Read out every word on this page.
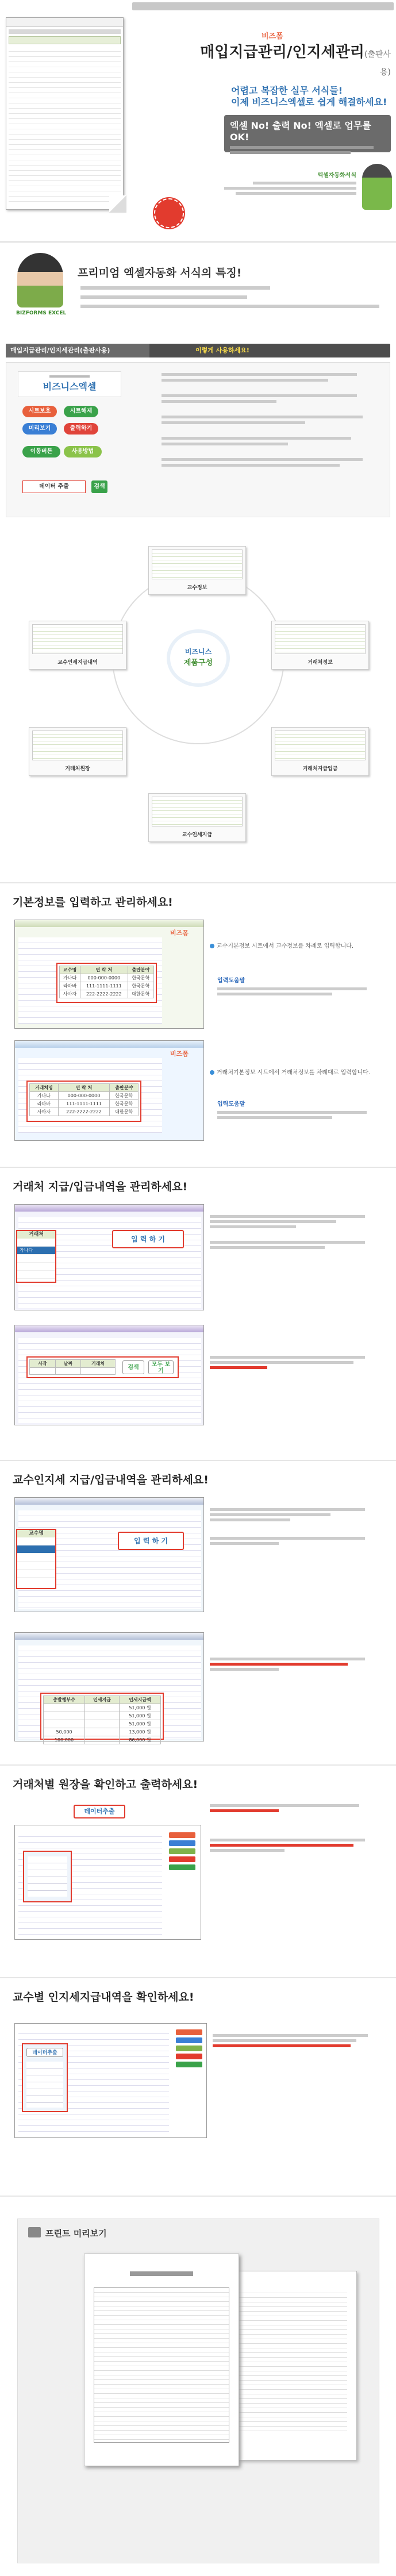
비즈폼
매입지급관리/인지세관리(출판사용)
어렵고 복잡한 실무 서식들!
이제 비즈니스엑셀로 쉽게 해결하세요!
엑셀 No! 출력 No! 엑셀로 업무를 OK!
엑셀자동화서식
BIZFORMS EXCEL
프리미엄 엑셀자동화 서식의 특징!
매입지급관리/인지세관리(출판사용)	이렇게 사용하세요!
비즈니스엑셀
시트보호	시트해제
미리보기	출력하기
이동버튼	사용방법
데이터 추출	검색
비즈니스
제품구성
교수정보
거래처정보
거래처지급입금
교수인세지급
거래처원장
교수인세지급내역
기본정보를 입력하고 관리하세요!
비즈폼
교수명	연 락 처	출판분야
가나다	000-000-0000	한국문학
라마바	111-1111-1111	한국문학
사아자	222-2222-2222	대한문학
교수기본정보 시트에서 교수정보를 차례로 입력합니다.
입력도움말
비즈폼
거래처명	연 락 처	출판분야
가나다	000-000-0000	한국문학
라마바	111-1111-1111	한국문학
사아자	222-2222-2222	대한문학
거래처기본정보 시트에서 거래처정보를 차례대로 입력합니다.
입력도움말
거래처 지급/입금내역을 관리하세요!
거래처
가나다
입 력 하 기
시작	날짜	거래처

검색	모두 보기
교수인지세 지급/입금내역을 관리하세요!
교수명
입 력 하 기
총발행부수	인세지급	인세지급액
		51,000 원
		51,000 원
		51,000 원
50,000		13,000 원
100,000		86,000 원
거래처별 원장을 확인하고 출력하세요!
데이터추출
교수별 인지세지급내역을 확인하세요!
데이터추출
프린트 미리보기
